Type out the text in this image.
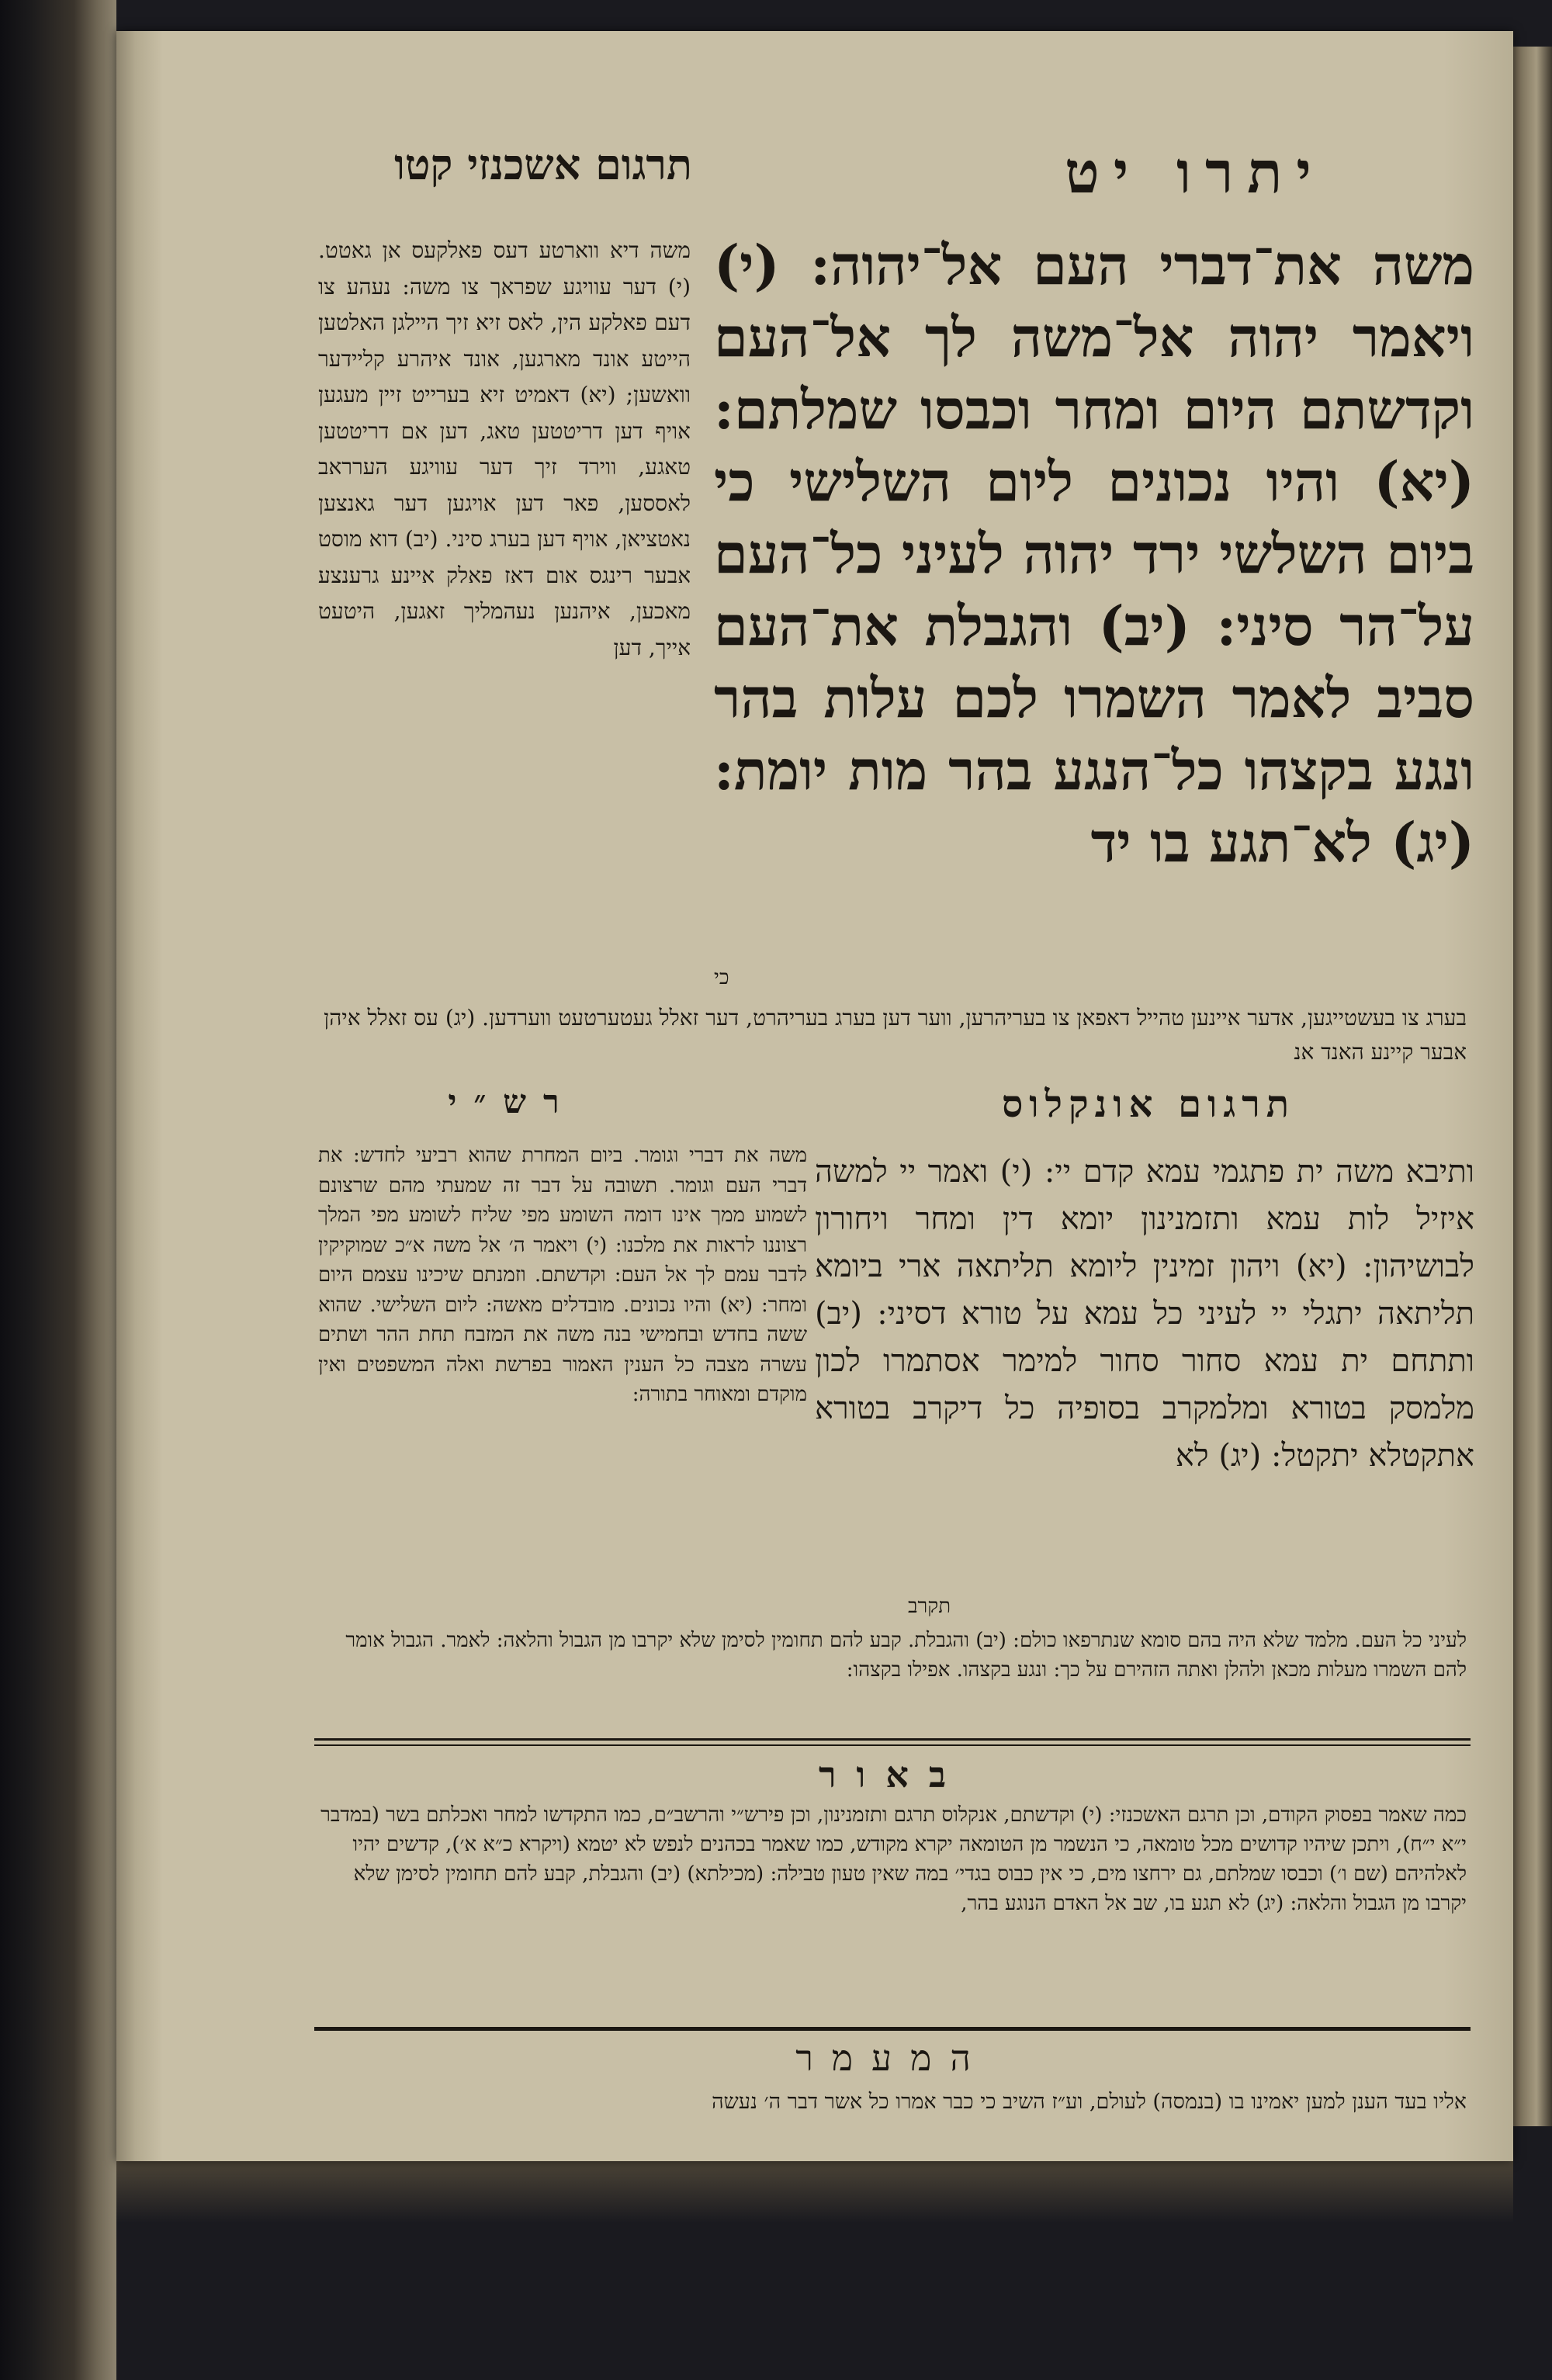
יתרו יט
תרגום אשכנזי קטו

משה את־דברי העם אל־יהוה: (י) ויאמר יהוה אל־משה לך אל־העם וקדשתם היום ומחר וכבסו שמלתם: (יא) והיו נכונים ליום השלישי כי ביום השלשי ירד יהוה לעיני כל־העם על־הר סיני: (יב) והגבלת את־העם סביב לאמר השמרו לכם עלות בהר ונגע בקצהו כל־הנגע בהר מות יומת: (יג) לא־תגע בו יד

כי

משה דיא ווארטע דעס פאלקעס אן גאטט. (י) דער עוויגע שפראך צו משה: נעהע צו דעם פאלקע הין, לאס זיא זיך היילגן האלטען הייטע אונד מארגען, אונד איהרע קליידער וואשען; (יא) דאמיט זיא בערייט זיין מעגען אויף דען דריטטען טאג, דען אם דריטטען טאגע, ווירד זיך דער עוויגע הערראב לאססען, פאר דען אויגען דער גאנצען נאטציאן, אויף דען בערג סיני. (יב) דוא מוסט אבער רינגס אום דאז פאלק איינע גרענצע מאכען, איהנען נעהמליך זאגען, היטעט אייך, דען

בערג צו בעשטייגען, אדער איינען טהייל דאפאן צו בעריהרען, ווער דען בערג בעריהרט, דער זאלל געטערטעט ווערדען. (יג) עס זאלל איהן אבער קיינע האנד אנ

תרגום אונקלוס
רש״י

ותיבא משה ית פתגמי עמא קדם יי: (י) ואמר יי למשה איזיל לות עמא ותזמנינון יומא דין ומחר ויחורון לבושיהון: (יא) ויהון זמינין ליומא תליתאה ארי ביומא תליתאה יתגלי יי לעיני כל עמא על טורא דסיני: (יב) ותתחם ית עמא סחור סחור למימר אסתמרו לכון מלמסק בטורא ומלמקרב בסופיה כל דיקרב בטורא אתקטלא יתקטל: (יג) לא

תקרב

משה את דברי וגומר. ביום המחרת שהוא רביעי לחדש: את דברי העם וגומר. תשובה על דבר זה שמעתי מהם שרצונם לשמוע ממך אינו דומה השומע מפי שליח לשומע מפי המלך רצוננו לראות את מלכנו: (י) ויאמר ה׳ אל משה א״כ שמוקיקין לדבר עמם לך אל העם: וקדשתם. וזמנתם שיכינו עצמם היום ומחר: (יא) והיו נכונים. מובדלים מאשה: ליום השלישי. שהוא ששה בחדש ובחמישי בנה משה את המזבח תחת ההר ושתים עשרה מצבה כל הענין האמור בפרשת ואלה המשפטים ואין מוקדם ומאוחר בתורה:

לעיני כל העם. מלמד שלא היה בהם סומא שנתרפאו כולם: (יב) והגבלת. קבע להם תחומין לסימן שלא יקרבו מן הגבול והלאה: לאמר. הגבול אומר להם השמרו מעלות מכאן ולהלן ואתה הזהירם על כך: ונגע בקצהו. אפילו בקצהו:

באור

כמה שאמר בפסוק הקודם, וכן תרגם האשכנזי: (י) וקדשתם, אנקלוס תרגם ותזמנינון, וכן פירש״י והרשב״ם, כמו התקדשו למחר ואכלתם בשר (במדבר י״א י״ח), ויתכן שיהיו קדושים מכל טומאה, כי הנשמר מן הטומאה יקרא מקודש, כמו שאמר בכהנים לנפש לא יטמא (ויקרא כ״א א׳), קדשים יהיו לאלהיהם (שם ו׳) וכבסו שמלתם, גם ירחצו מים, כי אין כבוס בגדי׳ במה שאין טעון טבילה: (מכילתא) (יב) והגבלת, קבע להם תחומין לסימן שלא יקרבו מן הגבול והלאה: (יג) לא תגע בו, שב אל האדם הנוגע בהר,

המעמר

אליו בעד הענן למען יאמינו בו (בנמסה) לעולם, וע״ז השיב כי כבר אמרו כל אשר דבר ה׳ נעשה
